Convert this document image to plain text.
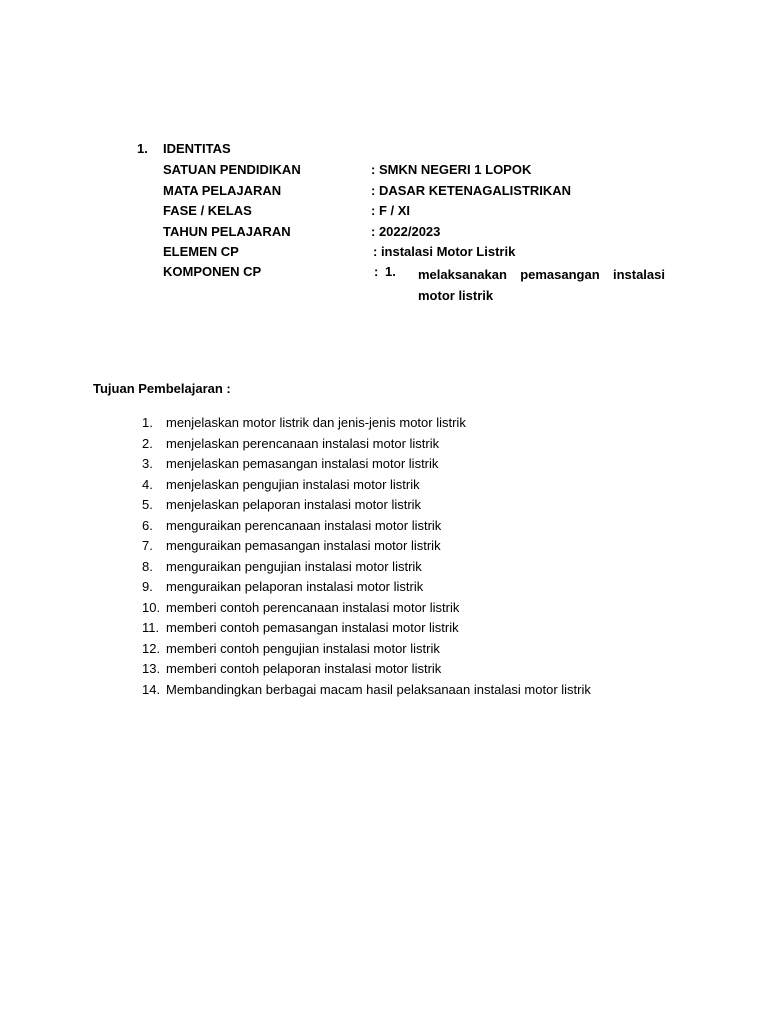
1. IDENTITAS
SATUAN PENDIDIKAN	: SMKN NEGERI 1 LOPOK
MATA PELAJARAN	: DASAR KETENAGALISTRIKAN
FASE / KELAS	: F / XI
TAHUN PELAJARAN	: 2022/2023
ELEMEN CP	: instalasi Motor Listrik
KOMPONEN CP	: 1. melaksanakan pemasangan instalasi motor listrik
Tujuan Pembelajaran :
1. menjelaskan motor listrik dan jenis-jenis motor listrik
2. menjelaskan perencanaan instalasi motor listrik
3. menjelaskan pemasangan instalasi motor listrik
4. menjelaskan pengujian instalasi motor listrik
5. menjelaskan pelaporan instalasi motor listrik
6. menguraikan perencanaan instalasi motor listrik
7. menguraikan pemasangan instalasi motor listrik
8. menguraikan pengujian instalasi motor listrik
9. menguraikan pelaporan instalasi motor listrik
10. memberi contoh perencanaan instalasi motor listrik
11. memberi contoh pemasangan instalasi motor listrik
12. memberi contoh pengujian instalasi motor listrik
13. memberi contoh pelaporan instalasi motor listrik
14. Membandingkan berbagai macam hasil pelaksanaan instalasi motor listrik
